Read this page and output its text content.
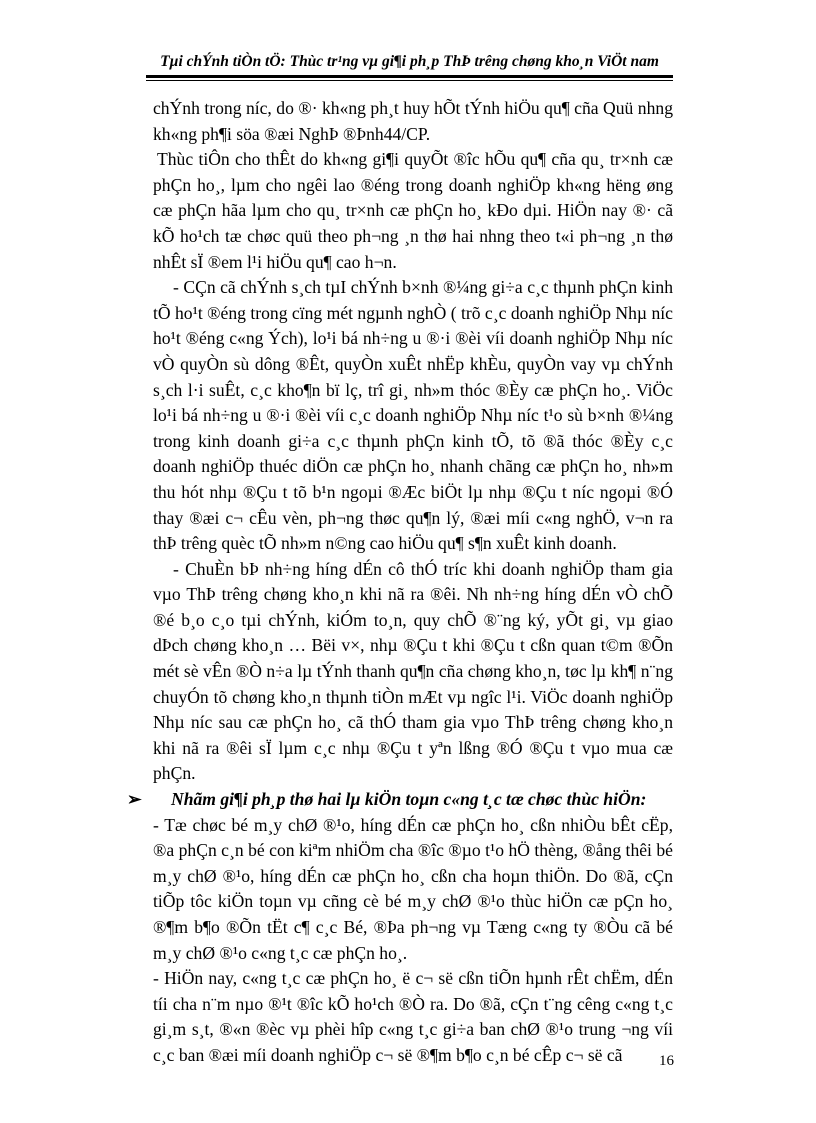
Tµi chÝnh tiÒn tÖ: Thùc tr¹ng vµ gi¶i ph¸p ThÞ trêng chøng kho¸n ViÖt nam

chÝnh trong níc, do ®· kh«ng ph¸t huy hÕt tÝnh hiÖu qu¶ cña Quü nhng kh«ng ph¶i söa ®æi NghÞ ®Þnh44/CP.

Thùc tiÔn cho thÊt do kh«ng gi¶i quyÕt ®îc hÕu qu¶ cña qu¸ tr×nh cæ phÇn ho¸, lµm cho ngêi lao ®éng trong doanh nghiÖp kh«ng hëng øng cæ phÇn hãa lµm cho qu¸ tr×nh cæ phÇn ho¸ kÐo dµi. HiÖn nay ®· cã kÕ ho¹ch tæ chøc quü theo ph¬ng ¸n thø hai nhng theo t«i ph¬ng ¸n thø nhÊt sÏ ®em l¹i hiÖu qu¶ cao h¬n.

- CÇn cã chÝnh s¸ch tµI chÝnh b×nh ®¼ng gi÷a c¸c thµnh phÇn kinh tÕ ho¹t ®éng trong cïng mét ngµnh nghÒ ( trõ c¸c doanh nghiÖp Nhµ níc ho¹t ®éng c«ng Ých), lo¹i bá nh÷ng u ®·i ®èi víi doanh nghiÖp Nhµ níc vÒ quyÒn sù dông ®Êt, quyÒn xuÊt nhËp khÈu, quyÒn vay vµ chÝnh s¸ch l·i suÊt, c¸c kho¶n bï lç, trî gi¸ nh»m thóc ®Èy cæ phÇn ho¸. ViÖc lo¹i bá nh÷ng u ®·i ®èi víi c¸c doanh nghiÖp Nhµ níc t¹o sù b×nh ®¼ng trong kinh doanh gi÷a c¸c thµnh phÇn kinh tÕ, tõ ®ã thóc ®Èy c¸c doanh nghiÖp thuéc diÖn cæ phÇn ho¸ nhanh chãng cæ phÇn ho¸ nh»m thu hót nhµ ®Çu t tõ b¹n ngoµi ®Æc biÖt lµ nhµ ®Çu t níc ngoµi ®Ó thay ®æi c¬ cÊu vèn, ph¬ng thøc qu¶n lý, ®æi míi c«ng nghÖ, v¬n ra thÞ trêng quèc tÕ nh»m n©ng cao hiÖu qu¶ s¶n xuÊt kinh doanh.

- ChuÈn bÞ nh÷ng híng dÉn cô thÓ tríc khi doanh nghiÖp tham gia vµo ThÞ trêng chøng kho¸n khi nã ra ®êi. Nh nh÷ng híng dÉn vÒ chÕ ®é b¸o c¸o tµi chÝnh, kiÓm to¸n, quy chÕ ®¨ng ký, yÕt gi¸ vµ giao dÞch chøng kho¸n … Bëi v×, nhµ ®Çu t khi ®Çu t cßn quan t©m ®Õn mét sè vÊn ®Ò n÷a lµ tÝnh thanh qu¶n cña chøng kho¸n, tøc lµ kh¶ n¨ng chuyÓn tõ chøng kho¸n thµnh tiÒn mÆt vµ ngîc l¹i. ViÖc doanh nghiÖp Nhµ níc sau cæ phÇn ho¸ cã thÓ tham gia vµo ThÞ trêng chøng kho¸n khi nã ra ®êi sÏ lµm c¸c nhµ ®Çu t yªn lßng ®Ó ®Çu t vµo mua cæ phÇn.

➢ Nhãm gi¶i ph¸p thø hai lµ kiÖn toµn c«ng t¸c tæ chøc thùc hiÖn:

- Tæ chøc bé m¸y chØ ®¹o, híng dÉn cæ phÇn ho¸ cßn nhiÒu bÊt cËp, ®a phÇn c¸n bé con kiªm nhiÖm cha ®îc ®µo t¹o hÖ thèng, ®ång thêi bé m¸y chØ ®¹o, híng dÉn cæ phÇn ho¸ cßn cha hoµn thiÖn. Do ®ã, cÇn tiÕp tôc kiÖn toµn vµ cñng cè bé m¸y chØ ®¹o thùc hiÖn cæ pÇn ho¸ ®¶m b¶o ®Õn tËt c¶ c¸c Bé, ®Þa ph¬ng vµ Tæng c«ng ty ®Òu cã bé m¸y chØ ®¹o c«ng t¸c cæ phÇn ho¸.

- HiÖn nay, c«ng t¸c cæ phÇn ho¸ ë c¬ së cßn tiÕn hµnh rÊt chËm, dÉn tíi cha n¨m nµo ®¹t ®îc kÕ ho¹ch ®Ò ra. Do ®ã, cÇn t¨ng cêng c«ng t¸c gi¸m s¸t, ®«n ®èc vµ phèi hîp c«ng t¸c gi÷a ban chØ ®¹o trung ¬ng víi c¸c ban ®æi míi doanh nghiÖp c¬ së ®¶m b¶o c¸n bé cÊp c¬ së cã	16
